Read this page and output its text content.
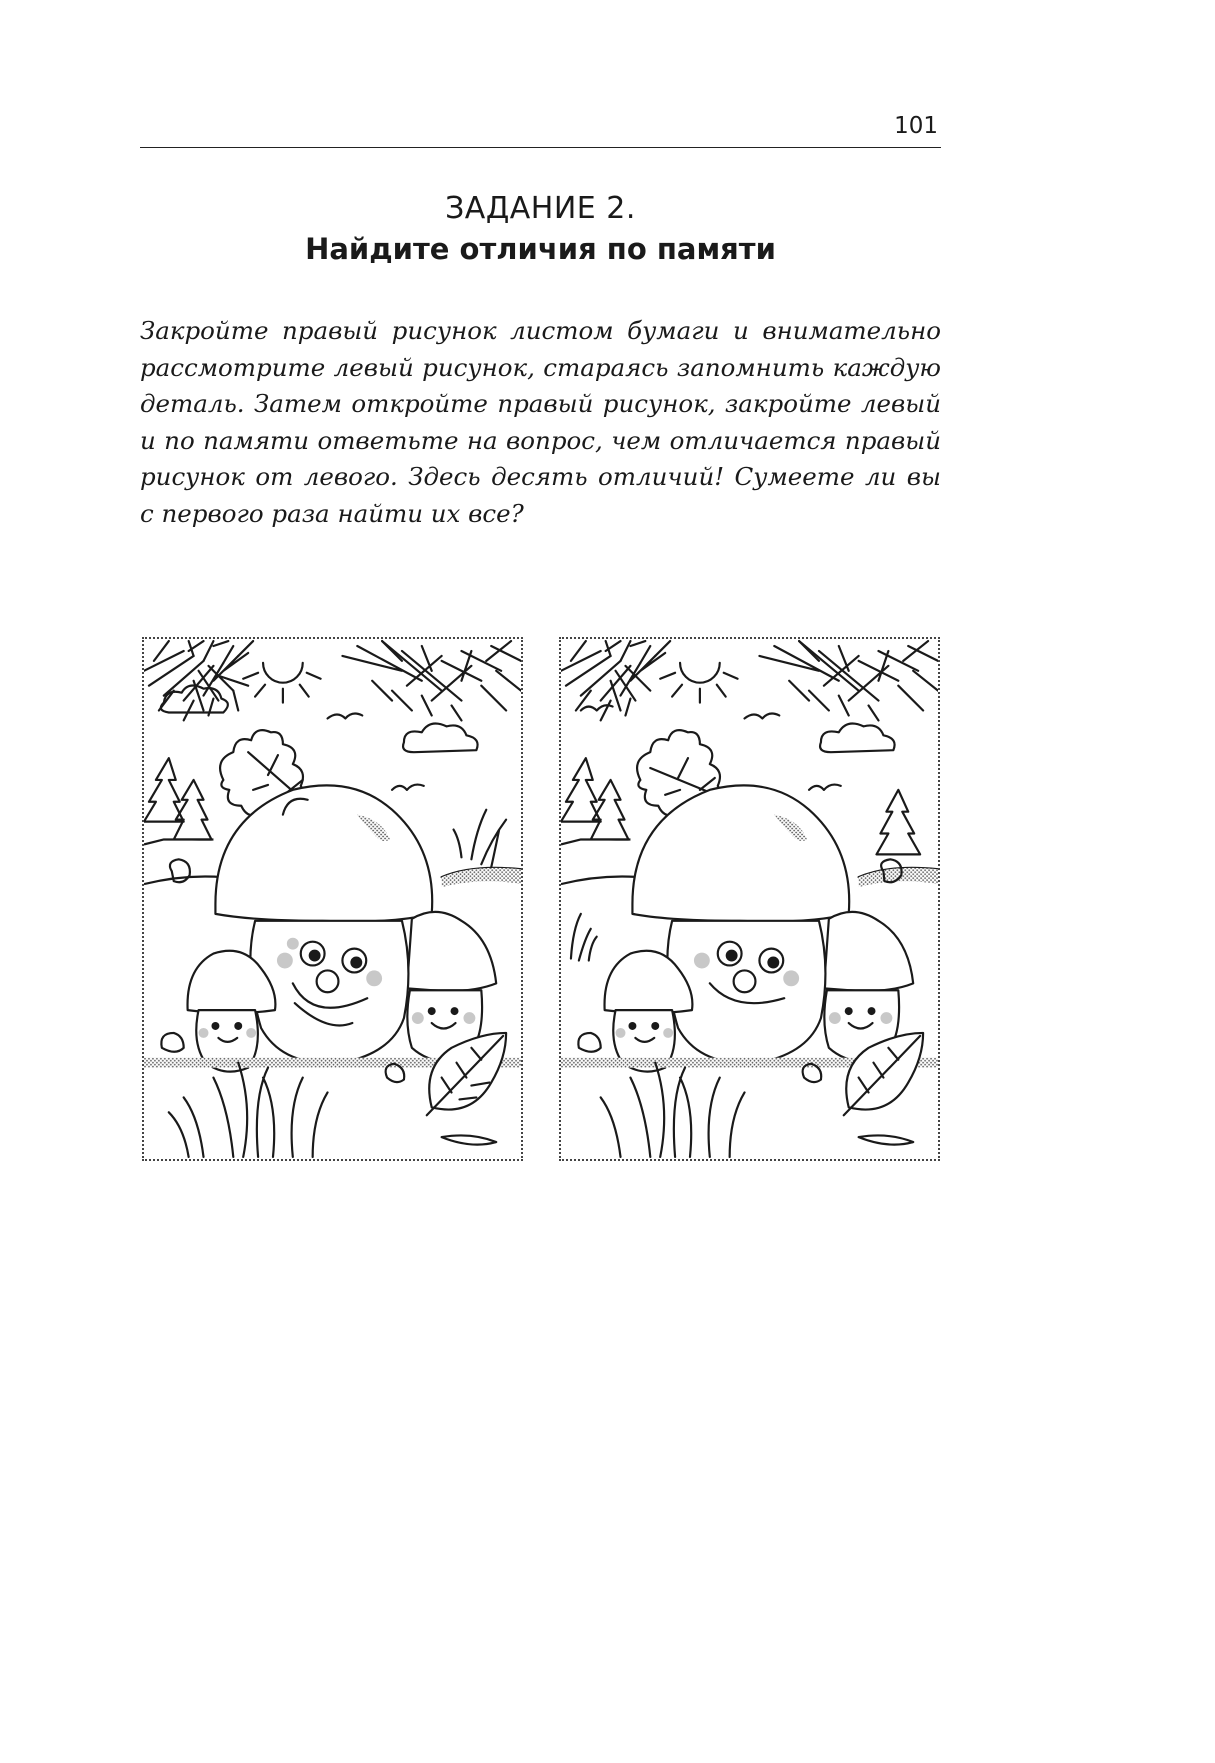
101
ЗАДАНИЕ 2.
Найдите отличия по памяти

Закройте правый рисунок листом бумаги и внимательно рассмотрите левый рисунок, стараясь запомнить каждую деталь. Затем откройте правый рисунок, закройте левый и по памяти ответьте на вопрос, чем отличается правый рисунок от левого. Здесь десять отличий! Сумеете ли вы с первого раза найти их все?
